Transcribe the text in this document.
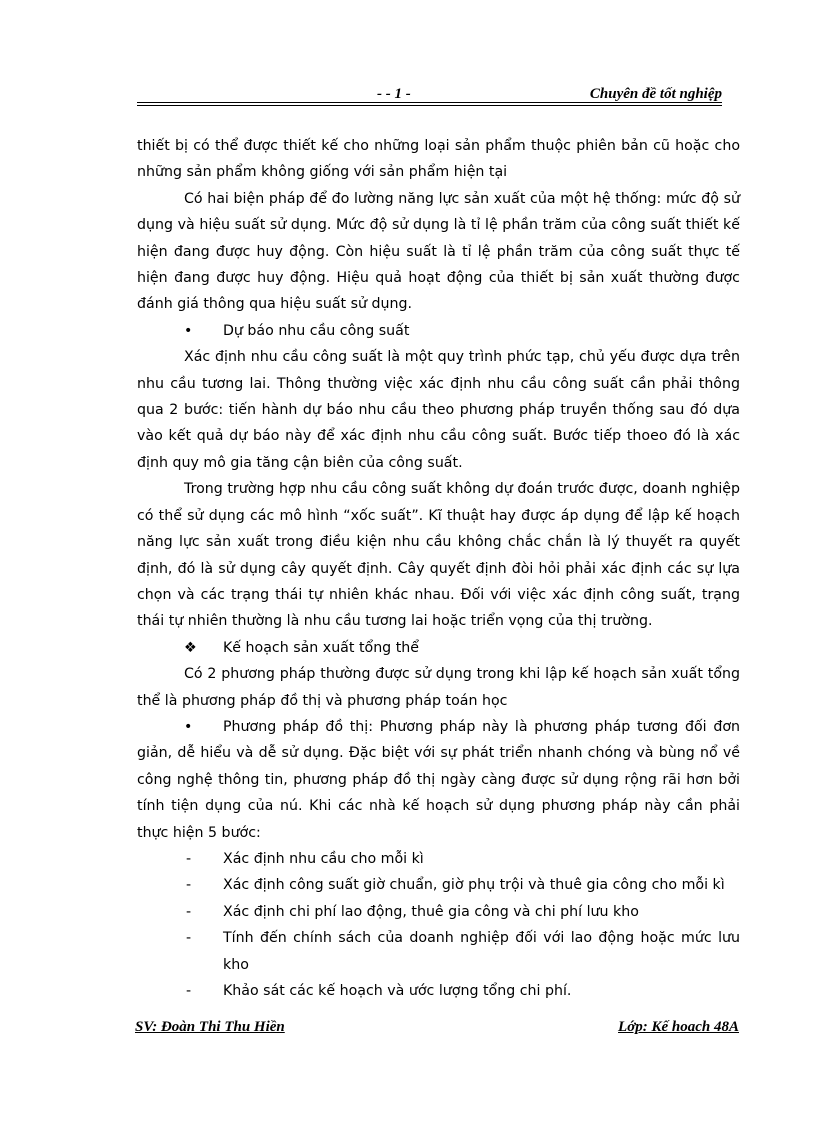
- - 1 -	Chuyên đề tốt nghiệp

thiết bị có thể được thiết kế cho những loại sản phẩm thuộc phiên bản cũ hoặc cho những sản phẩm không giống với sản phẩm hiện tại

Có hai biện pháp để đo lường năng lực sản xuất của một hệ thống: mức độ sử dụng và hiệu suất sử dụng. Mức độ sử dụng là tỉ lệ phần trăm của công suất thiết kế hiện đang được huy động. Còn hiệu suất là tỉ lệ phần trăm của công suất thực tế hiện đang được huy động. Hiệu quả hoạt động của thiết bị sản xuất thường được đánh giá thông qua hiệu suất sử dụng.

• Dự báo nhu cầu công suất

Xác định nhu cầu công suất là một quy trình phức tạp, chủ yếu được dựa trên nhu cầu tương lai. Thông thường việc xác định nhu cầu công suất cần phải thông qua 2 bước: tiến hành dự báo nhu cầu theo phương pháp truyền thống sau đó dựa vào kết quả dự báo này để xác định nhu cầu công suất. Bước tiếp thoeo đó là xác định quy mô gia tăng cận biên của công suất.

Trong trường hợp nhu cầu công suất không dự đoán trước được, doanh nghiệp có thể sử dụng các mô hình “xốc suất”. Kĩ thuật hay được áp dụng để lập kế hoạch năng lực sản xuất trong điều kiện nhu cầu không chắc chắn là lý thuyết ra quyết định, đó là sử dụng cây quyết định. Cây quyết định đòi hỏi phải xác định các sự lựa chọn và các trạng thái tự nhiên khác nhau. Đối với việc xác định công suất, trạng thái tự nhiên thường là nhu cầu tương lai hoặc triển vọng của thị trường.

❖ Kế hoạch sản xuất tổng thể

Có 2 phương pháp thường được sử dụng trong khi lập kế hoạch sản xuất tổng thể là phương pháp đồ thị và phương pháp toán học

• Phương pháp đồ thị: Phương pháp này là phương pháp tương đối đơn giản, dễ hiểu và dễ sử dụng. Đặc biệt với sự phát triển nhanh chóng và bùng nổ về công nghệ thông tin, phương pháp đồ thị ngày càng được sử dụng rộng rãi hơn bởi tính tiện dụng của nú. Khi các nhà kế hoạch sử dụng phương pháp này cần phải thực hiện 5 bước:

- Xác định nhu cầu cho mỗi kì

- Xác định công suất giờ chuẩn, giờ phụ trội và thuê gia công cho mỗi kì

- Xác định chi phí lao động, thuê gia công và chi phí lưu kho

- Tính đến chính sách của doanh nghiệp đối với lao động hoặc mức lưu kho

- Khảo sát các kế hoạch và ước lượng tổng chi phí.

SV: Đoàn Thi Thu Hiền	Lớp: Kế hoach 48A
